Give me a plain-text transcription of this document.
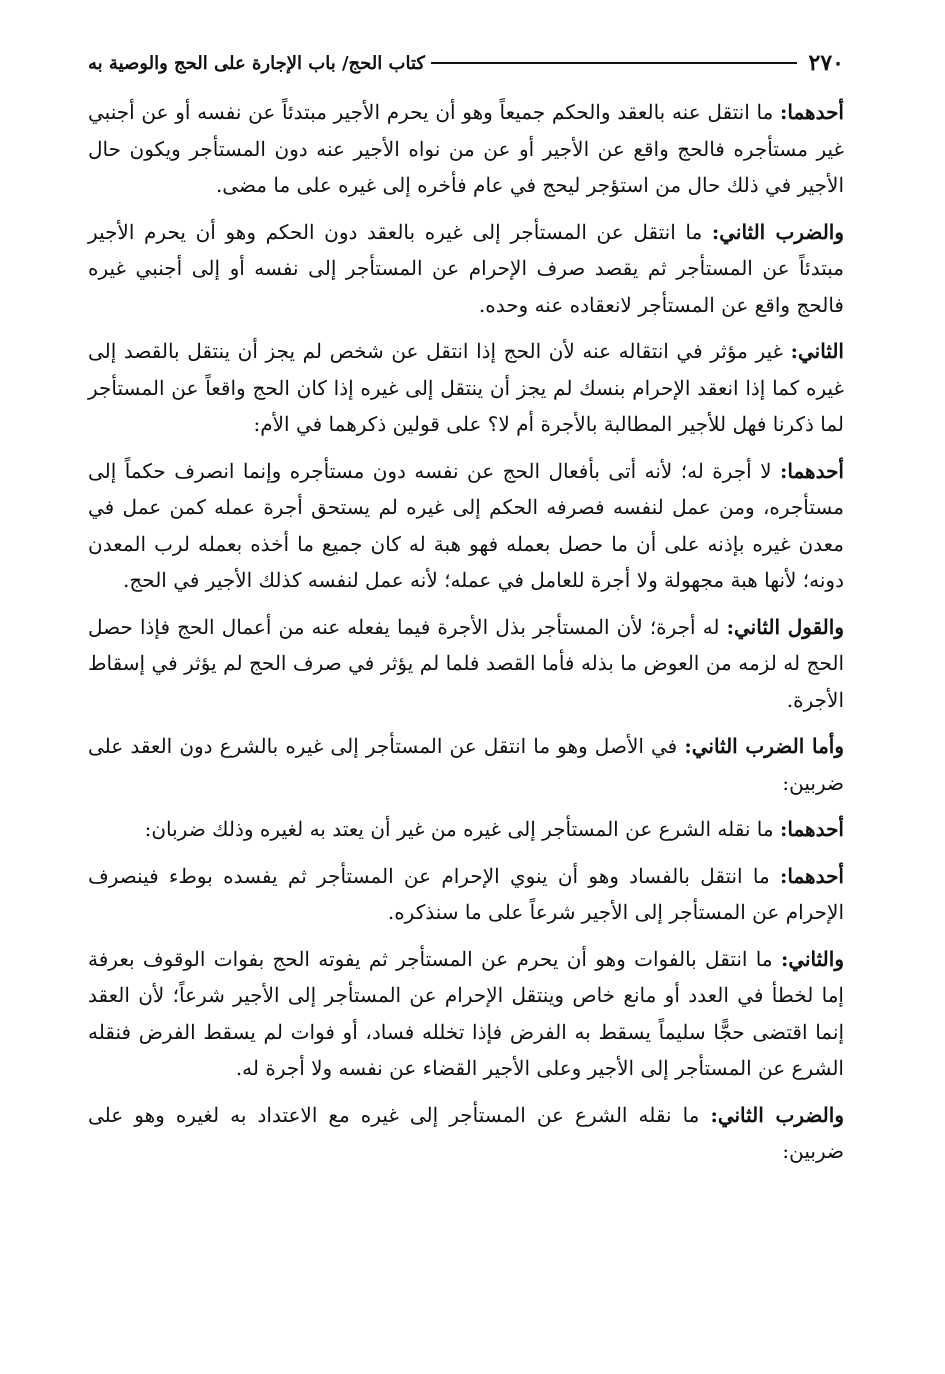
٢٧٠
كتاب الحج/ باب الإجارة على الحج والوصية به

أحدهما: ما انتقل عنه بالعقد والحكم جميعاً وهو أن يحرم الأجير مبتدئاً عن نفسه أو عن أجنبي غير مستأجره فالحج واقع عن الأجير أو عن من نواه الأجير عنه دون المستأجر ويكون حال الأجير في ذلك حال من استؤجر ليحج في عام فأخره إلى غيره على ما مضى.

والضرب الثاني: ما انتقل عن المستأجر إلى غيره بالعقد دون الحكم وهو أن يحرم الأجير مبتدئاً عن المستأجر ثم يقصد صرف الإحرام عن المستأجر إلى نفسه أو إلى أجنبي غيره فالحج واقع عن المستأجر لانعقاده عنه وحده.

الثاني: غير مؤثر في انتقاله عنه لأن الحج إذا انتقل عن شخص لم يجز أن ينتقل بالقصد إلى غيره كما إذا انعقد الإحرام بنسك لم يجز أن ينتقل إلى غيره إذا كان الحج واقعاً عن المستأجر لما ذكرنا فهل للأجير المطالبة بالأجرة أم لا؟ على قولين ذكرهما في الأم:

أحدهما: لا أجرة له؛ لأنه أتى بأفعال الحج عن نفسه دون مستأجره وإنما انصرف حكماً إلى مستأجره، ومن عمل لنفسه فصرفه الحكم إلى غيره لم يستحق أجرة عمله كمن عمل في معدن غيره بإذنه على أن ما حصل بعمله فهو هبة له كان جميع ما أخذه بعمله لرب المعدن دونه؛ لأنها هبة مجهولة ولا أجرة للعامل في عمله؛ لأنه عمل لنفسه كذلك الأجير في الحج.

والقول الثاني: له أجرة؛ لأن المستأجر بذل الأجرة فيما يفعله عنه من أعمال الحج فإذا حصل الحج له لزمه من العوض ما بذله فأما القصد فلما لم يؤثر في صرف الحج لم يؤثر في إسقاط الأجرة.

وأما الضرب الثاني: في الأصل وهو ما انتقل عن المستأجر إلى غيره بالشرع دون العقد على ضربين:

أحدهما: ما نقله الشرع عن المستأجر إلى غيره من غير أن يعتد به لغيره وذلك ضربان:

أحدهما: ما انتقل بالفساد وهو أن ينوي الإحرام عن المستأجر ثم يفسده بوطء فينصرف الإحرام عن المستأجر إلى الأجير شرعاً على ما سنذكره.

والثاني: ما انتقل بالفوات وهو أن يحرم عن المستأجر ثم يفوته الحج بفوات الوقوف بعرفة إما لخطأ في العدد أو مانع خاص وينتقل الإحرام عن المستأجر إلى الأجير شرعاً؛ لأن العقد إنما اقتضى حجًّا سليماً يسقط به الفرض فإذا تخلله فساد، أو فوات لم يسقط الفرض فنقله الشرع عن المستأجر إلى الأجير وعلى الأجير القضاء عن نفسه ولا أجرة له.

والضرب الثاني: ما نقله الشرع عن المستأجر إلى غيره مع الاعتداد به لغيره وهو على ضربين:
